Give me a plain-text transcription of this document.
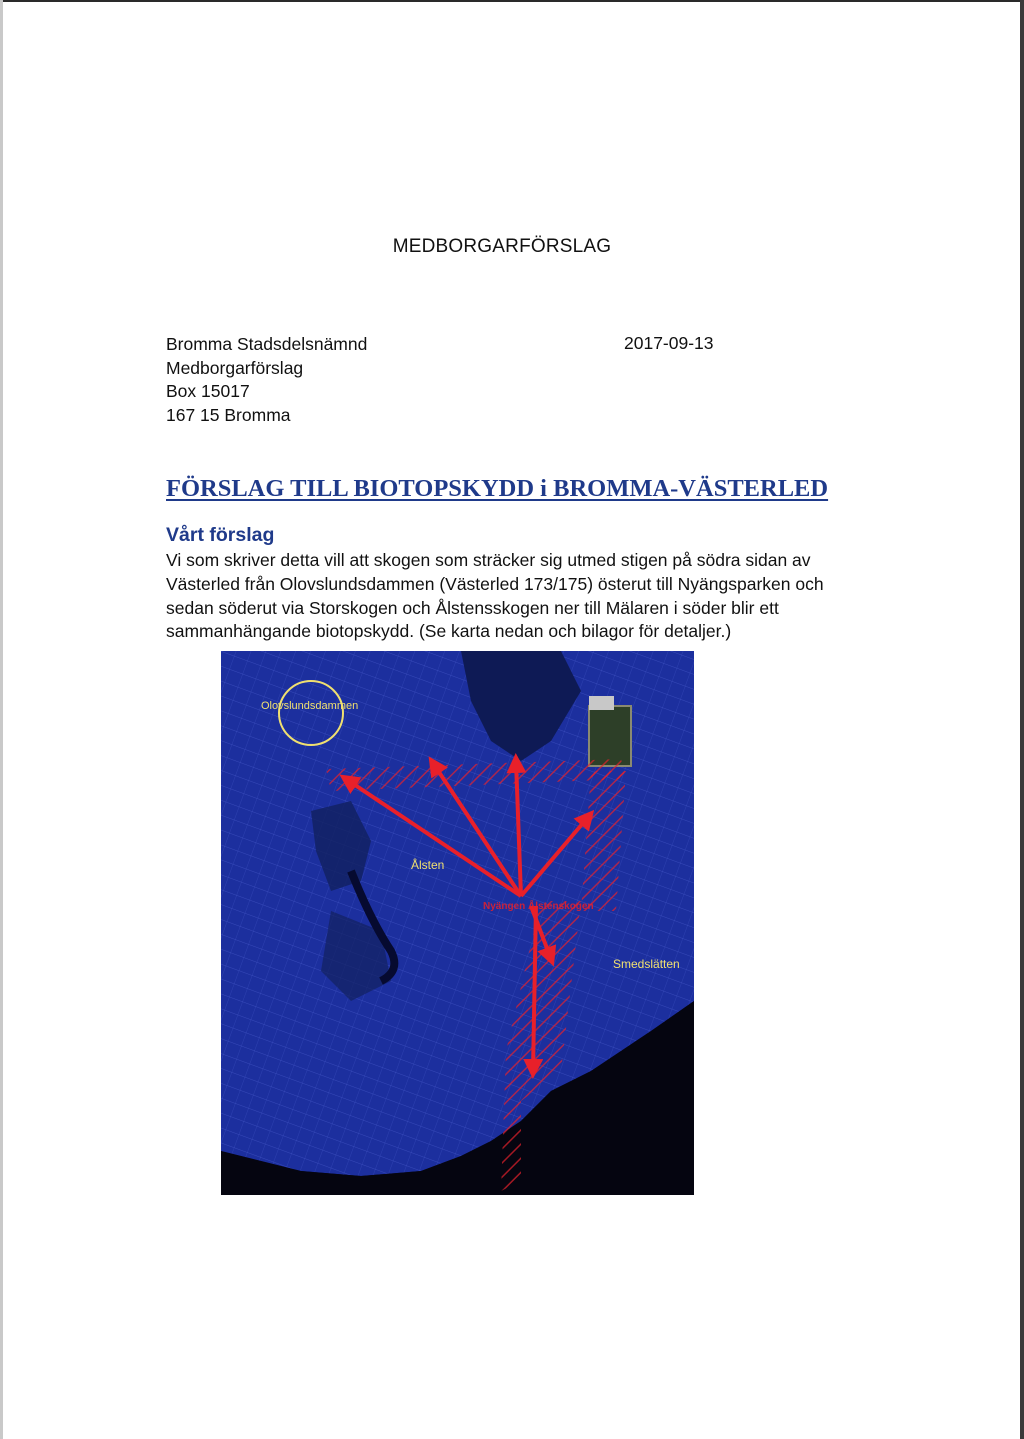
MEDBORGARFÖRSLAG
Bromma Stadsdelsnämnd
Medborgarförslag
Box 15017
167 15 Bromma
2017-09-13
FÖRSLAG TILL BIOTOPSKYDD i BROMMA-VÄSTERLED
Vårt förslag
Vi som skriver detta vill att skogen som sträcker sig utmed stigen på södra sidan av
Västerled från Olovslundsdammen (Västerled 173/175) österut till Nyängsparken och
sedan söderut via Storskogen och Ålstensskogen ner till Mälaren i söder blir ett
sammanhängande biotopskydd. (Se karta nedan och bilagor för detaljer.)
Olovslundsdammen
Ålsten
Smedslätten
Nyängen Ålstenskogen
